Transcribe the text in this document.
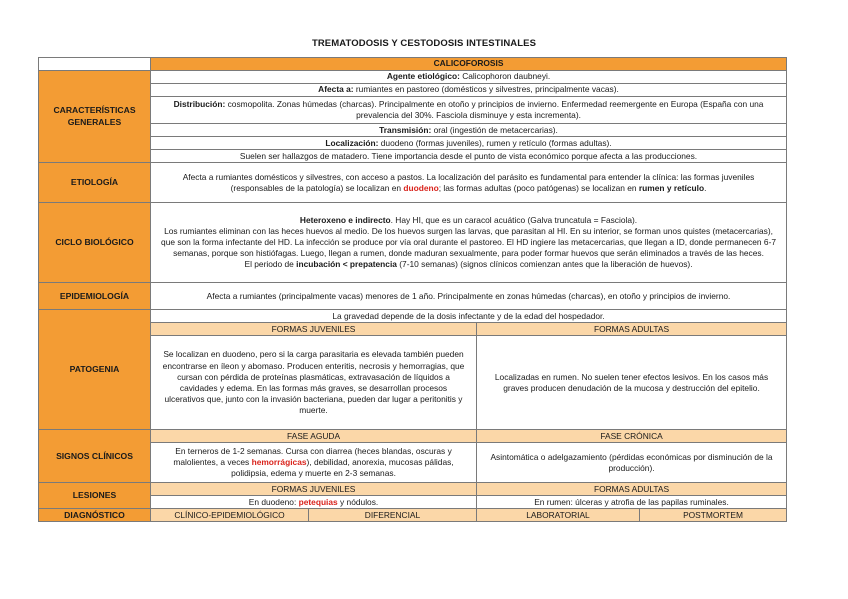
TREMATODOSIS Y CESTODOSIS INTESTINALES
	CALICOFOROSIS			
CARACTERÍSTICAS GENERALES	Agente etiológico: Calicophoron daubneyi.			
	Afecta a: rumiantes en pastoreo (domésticos y silvestres, principalmente vacas).			
	Distribución: cosmopolita. Zonas húmedas (charcas). Principalmente en otoño y principios de invierno. Enfermedad reemergente en Europa (España con una prevalencia del 30%. Fasciola disminuye y esta incrementa).			
	Transmisión: oral (ingestión de metacercarias).			
	Localización: duodeno (formas juveniles), rumen y retículo (formas adultas).			
	Suelen ser hallazgos de matadero. Tiene importancia desde el punto de vista económico porque afecta a las producciones.			
ETIOLOGÍA	Afecta a rumiantes domésticos y silvestres, con acceso a pastos. La localización del parásito es fundamental para entender la clínica: las formas juveniles (responsables de la patología) se localizan en duodeno; las formas adultas (poco patógenas) se localizan en rumen y retículo.			
CICLO BIOLÓGICO	Heteroxeno e indirecto. Hay HI, que es un caracol acuático (Galva truncatula = Fasciola).
Los rumiantes eliminan con las heces huevos al medio. De los huevos surgen las larvas, que parasitan al HI. En su interior, se forman unos quistes (metacercarias), que son la forma infectante del HD. La infección se produce por vía oral durante el pastoreo. El HD ingiere las metacercarias, que llegan a ID, donde permanecen 6-7 semanas, porque son histiófagas. Luego, llegan a rumen, donde maduran sexualmente, para poder formar huevos que serán eliminados a través de las heces.
El periodo de incubación < prepatencia (7-10 semanas) (signos clínicos comienzan antes que la liberación de huevos).			

EPIDEMIOLOGÍA	Afecta a rumiantes (principalmente vacas) menores de 1 año. Principalmente en zonas húmedas (charcas), en otoño y principios de invierno.			
PATOGENIA	La gravedad depende de la dosis infectante y de la edad del hospedador.			
	FORMAS JUVENILES		FORMAS ADULTAS	
	Se localizan en duodeno, pero si la carga parasitaria es elevada también pueden encontrarse en íleon y abomaso. Producen enteritis, necrosis y hemorragias, que cursan con pérdida de proteínas plasmáticas, extravasación de líquidos a cavidades y edema. En las formas más graves, se desarrollan procesos ulcerativos que, junto con la invasión bacteriana, pueden dar lugar a peritonitis y muerte.		Localizadas en rumen. No suelen tener efectos lesivos. En los casos más graves producen denudación de la mucosa y destrucción del epitelio.	
SIGNOS CLÍNICOS	FASE AGUDA		FASE CRÓNICA	
	En terneros de 1-2 semanas. Cursa con diarrea (heces blandas, oscuras y malolientes, a veces hemorrágicas), debilidad, anorexia, mucosas pálidas, polidipsia, edema y muerte en 2-3 semanas.		Asintomática o adelgazamiento (pérdidas económicas por disminución de la producción).	
LESIONES	FORMAS JUVENILES		FORMAS ADULTAS	
	En duodeno: petequias y nódulos.		En rumen: úlceras y atrofia de las papilas ruminales.	
DIAGNÓSTICO	CLÍNICO-EPIDEMIOLÓGICO	DIFERENCIAL	LABORATORIAL	POSTMORTEM
